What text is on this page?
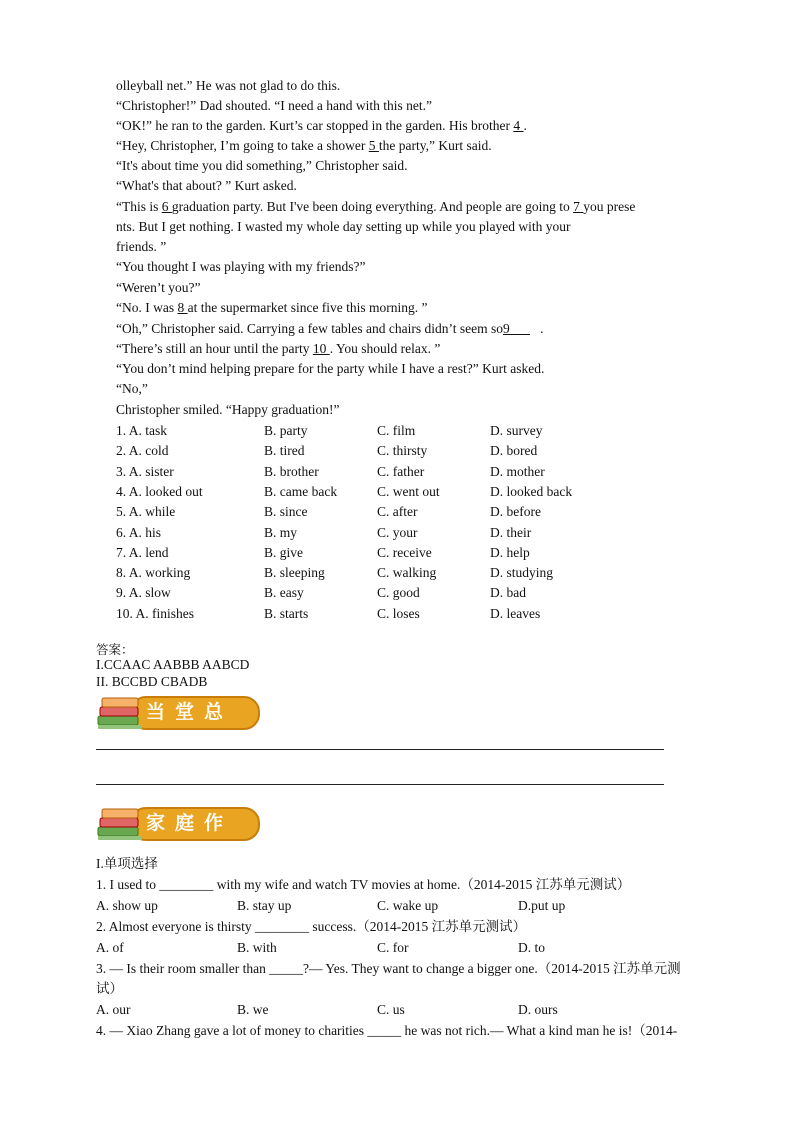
olleyball net.” He was not glad to do this.
“Christopher!” Dad shouted. “I need a hand with this net.”
“OK!” he ran to the garden. Kurt’s car stopped in the garden. His brother 4 .
“Hey, Christopher, I’m going to take a shower 5 the party,” Kurt said.
“It's about time you did something,” Christopher said.
“What's that about? ” Kurt asked.
“This is 6 graduation party. But I've been doing everything. And people are going to 7 you prese
nts. But I get nothing. I wasted my whole day setting up while you played with your
friends. ”
“You thought I was playing with my friends?”
“Weren’t you?”
“No. I was 8 at the supermarket since five this morning. ”
“Oh,” Christopher said. Carrying a few tables and chairs didn’t seem so9         .
“There’s still an hour until the party 10 . You should relax. ”
“You don’t mind helping prepare for the party while I have a rest?” Kurt asked.
“No,”
Christopher smiled. “Happy graduation!”
1. A. task	B. party	C. film	D. survey
2. A. cold	B. tired	C. thirsty	D. bored
3. A. sister	B. brother	C. father	D. mother
4. A. looked out	B. came back	C. went out	D. looked back
5. A. while	B. since	C. after	D. before
6. A. his	B. my	C. your	D. their
7. A. lend	B. give	C. receive	D. help
8. A. working	B. sleeping	C. walking	D. studying
9. A. slow	B. easy	C. good	D. bad
10. A. finishes	B. starts	C. loses	D. leaves
答案：
I.CCAAC AABBB AABCD
II. BCCBD CBADB
当堂总结
家庭作业
I.单项选择
1. I used to ________ with my wife and watch TV movies at home.（2014-2015 江苏单元测试）
A. show up	B. stay up	C. wake up	D.put up
2. Almost everyone is thirsty ________ success.（2014-2015 江苏单元测试）
A. of	B. with	C. for	D. to
3. — Is their room smaller than _____?— Yes. They want to change a bigger one.（2014-2015 江苏单元测
试）
A. our	B. we	C. us	D. ours
4. — Xiao Zhang gave a lot of money to charities _____ he was not rich.— What a kind man he is!（2014-
